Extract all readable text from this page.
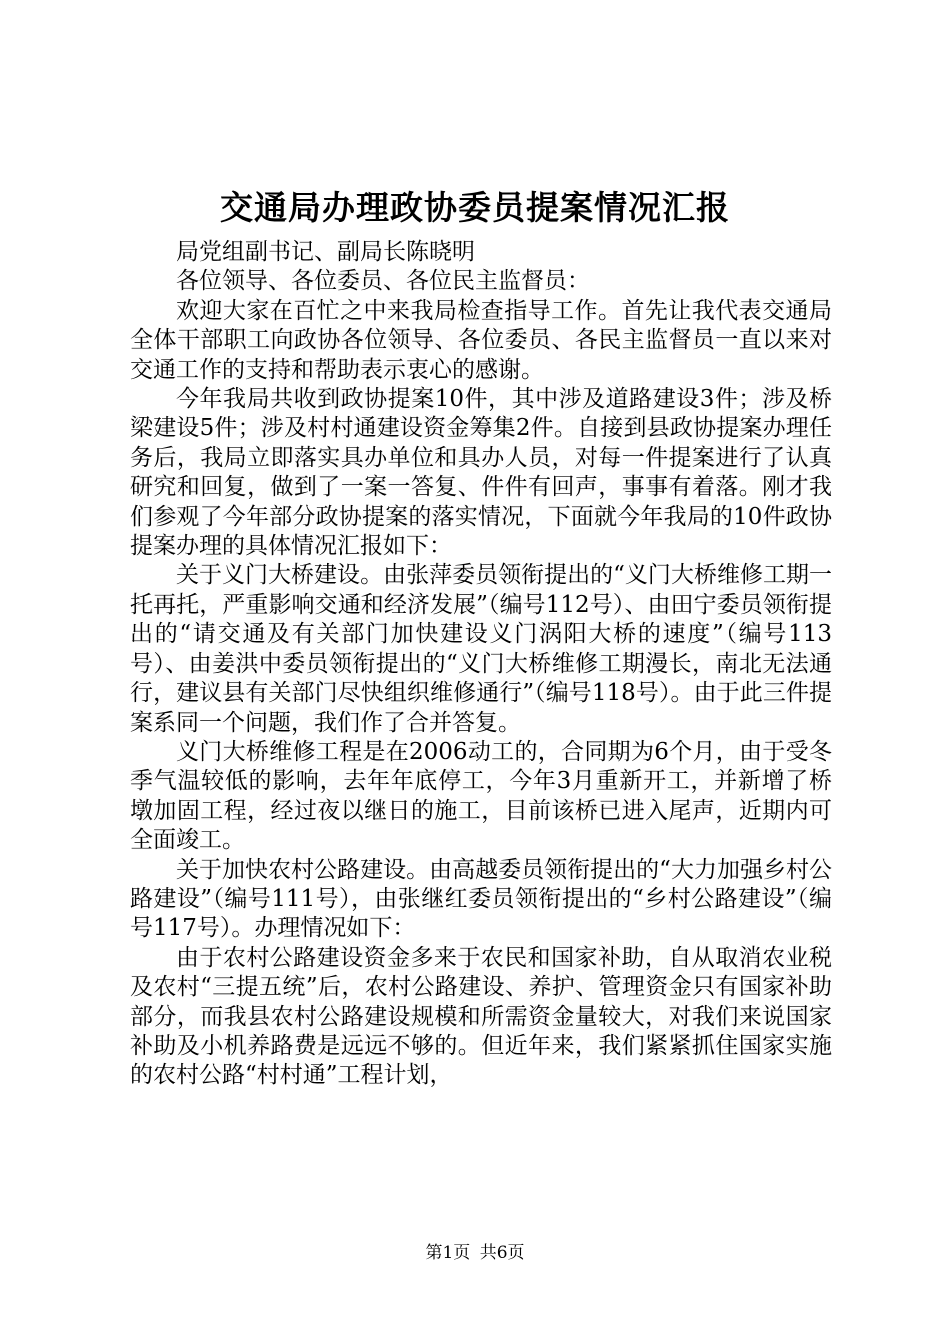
交通局办理政协委员提案情况汇报

局党组副书记、副局长陈晓明

各位领导、各位委员、各位民主监督员：

欢迎大家在百忙之中来我局检查指导工作。首先让我代表交通局全体干部职工向政协各位领导、各位委员、各民主监督员一直以来对交通工作的支持和帮助表示衷心的感谢。

今年我局共收到政协提案10件，其中涉及道路建设3件；涉及桥梁建设5件；涉及村村通建设资金筹集2件。自接到县政协提案办理任务后，我局立即落实具办单位和具办人员，对每一件提案进行了认真研究和回复，做到了一案一答复、件件有回声，事事有着落。刚才我们参观了今年部分政协提案的落实情况，下面就今年我局的10件政协提案办理的具体情况汇报如下：

关于义门大桥建设。由张萍委员领衔提出的“义门大桥维修工期一托再托，严重影响交通和经济发展”（编号112号）、由田宁委员领衔提出的“请交通及有关部门加快建设义门涡阳大桥的速度”（编号113号）、由姜洪中委员领衔提出的“义门大桥维修工期漫长，南北无法通行，建议县有关部门尽快组织维修通行”（编号118号）。由于此三件提案系同一个问题，我们作了合并答复。

义门大桥维修工程是在2006动工的，合同期为6个月，由于受冬季气温较低的影响，去年年底停工，今年3月重新开工，并新增了桥墩加固工程，经过夜以继日的施工，目前该桥已进入尾声，近期内可全面竣工。

关于加快农村公路建设。由高越委员领衔提出的“大力加强乡村公路建设”（编号111号），由张继红委员领衔提出的“乡村公路建设”（编号117号）。办理情况如下：

由于农村公路建设资金多来于农民和国家补助，自从取消农业税及农村“三提五统”后，农村公路建设、养护、管理资金只有国家补助部分，而我县农村公路建设规模和所需资金量较大，对我们来说国家补助及小机养路费是远远不够的。但近年来，我们紧紧抓住国家实施的农村公路“村村通”工程计划，

第1页 共6页
